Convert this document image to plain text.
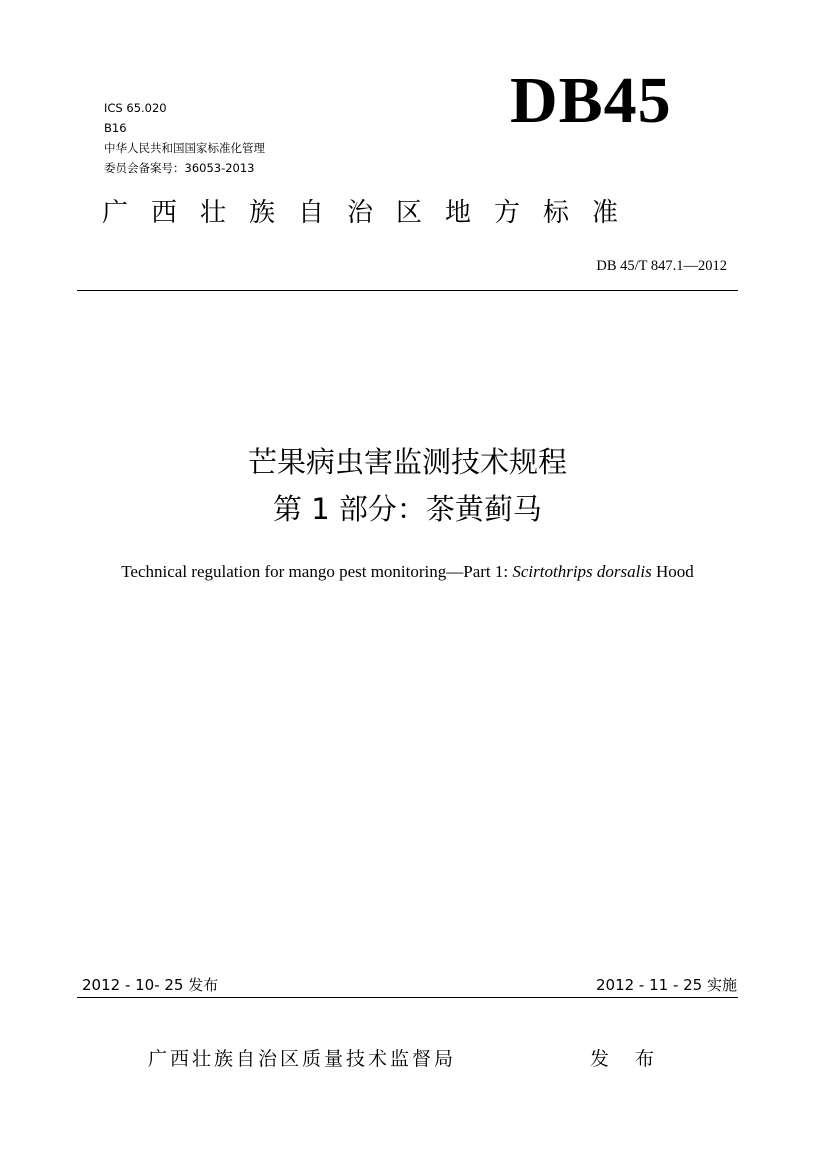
ICS 65.020
B16
中华人民共和国国家标准化管理
委员会备案号：36053-2013
DB45
广西壮族自治区地方标准
DB 45/T 847.1—2012
芒果病虫害监测技术规程
第 1 部分：茶黄蓟马
Technical regulation for mango pest monitoring—Part 1: Scirtothrips dorsalis Hood
2012 - 10- 25 发布	2012 - 11 - 25 实施
广西壮族自治区质量技术监督局	发 布
